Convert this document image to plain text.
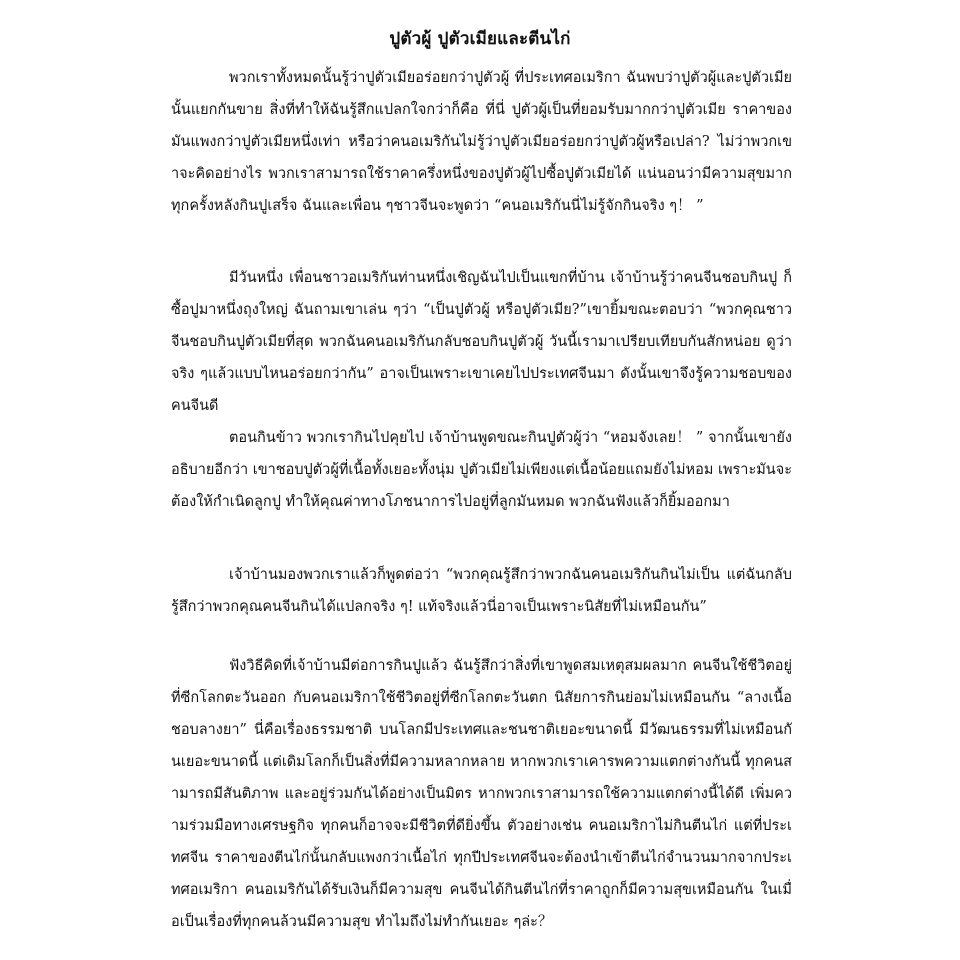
ปูตัวผู้ ปูตัวเมียและตีนไก่

พวกเราทั้งหมดนั้นรู้ว่าปูตัวเมียอร่อยกว่าปูตัวผู้ ที่ประเทศอเมริกา ฉันพบว่าปูตัวผู้และปูตัวเมียนั้นแยกกันขาย สิ่งที่ทำให้ฉันรู้สึกแปลกใจกว่าก็คือ ที่นี่ ปูตัวผู้เป็นที่ยอมรับมากกว่าปูตัวเมีย ราคาของมันแพงกว่าปูตัวเมียหนึ่งเท่า หรือว่าคนอเมริกันไม่รู้ว่าปูตัวเมียอร่อยกว่าปูตัวผู้หรือเปล่า? ไม่ว่าพวกเขาจะคิดอย่างไร พวกเราสามารถใช้ราคาครึ่งหนึ่งของปูตัวผู้ไปซื้อปูตัวเมียได้ แน่นอนว่ามีความสุขมาก ทุกครั้งหลังกินปูเสร็จ ฉันและเพื่อน ๆชาวจีนจะพูดว่า “คนอเมริกันนี่ไม่รู้จักกินจริง ๆ！ ”

มีวันหนึ่ง เพื่อนชาวอเมริกันท่านหนึ่งเชิญฉันไปเป็นแขกที่บ้าน เจ้าบ้านรู้ว่าคนจีนชอบกินปู ก็ซื้อปูมาหนึ่งถุงใหญ่ ฉันถามเขาเล่น ๆว่า “เป็นปูตัวผู้ หรือปูตัวเมีย?”เขายิ้มขณะตอบว่า “พวกคุณชาวจีนชอบกินปูตัวเมียที่สุด พวกฉันคนอเมริกันกลับชอบกินปูตัวผู้ วันนี้เรามาเปรียบเทียบกันสักหน่อย ดูว่าจริง ๆแล้วแบบไหนอร่อยกว่ากัน” อาจเป็นเพราะเขาเคยไปประเทศจีนมา ดังนั้นเขาจึงรู้ความชอบของคนจีนดี

ตอนกินข้าว พวกเรากินไปคุยไป เจ้าบ้านพูดขณะกินปูตัวผู้ว่า “หอมจังเลย！ ” จากนั้นเขายังอธิบายอีกว่า เขาชอบปูตัวผู้ที่เนื้อทั้งเยอะทั้งนุ่ม ปูตัวเมียไม่เพียงแต่เนื้อน้อยแถมยังไม่หอม เพราะมันจะต้องให้กำเนิดลูกปู ทำให้คุณค่าทางโภชนาการไปอยู่ที่ลูกมันหมด พวกฉันฟังแล้วก็ยิ้มออกมา

เจ้าบ้านมองพวกเราแล้วก็พูดต่อว่า “พวกคุณรู้สึกว่าพวกฉันคนอเมริกันกินไม่เป็น แต่ฉันกลับรู้สึกว่าพวกคุณคนจีนกินได้แปลกจริง ๆ! แท้จริงแล้วนี่อาจเป็นเพราะนิสัยที่ไม่เหมือนกัน”

ฟังวิธีคิดที่เจ้าบ้านมีต่อการกินปูแล้ว ฉันรู้สึกว่าสิ่งที่เขาพูดสมเหตุสมผลมาก คนจีนใช้ชีวิตอยู่ที่ซีกโลกตะวันออก กับคนอเมริกาใช้ชีวิตอยู่ที่ซีกโลกตะวันตก นิสัยการกินย่อมไม่เหมือนกัน “ลางเนื้อชอบลางยา” นี่คือเรื่องธรรมชาติ บนโลกมีประเทศและชนชาติเยอะขนาดนี้ มีวัฒนธรรมที่ไม่เหมือนกันเยอะขนาดนี้ แต่เดิมโลกก็เป็นสิ่งที่มีความหลากหลาย หากพวกเราเคารพความแตกต่างกันนี้ ทุกคนสามารถมีสันติภาพ และอยู่ร่วมกันได้อย่างเป็นมิตร หากพวกเราสามารถใช้ความแตกต่างนี้ได้ดี เพิ่มความร่วมมือทางเศรษฐกิจ ทุกคนก็อาจจะมีชีวิตที่ดียิ่งขึ้น ตัวอย่างเช่น คนอเมริกาไม่กินตีนไก่ แต่ที่ประเทศจีน ราคาของตีนไก่นั้นกลับแพงกว่าเนื้อไก่ ทุกปีประเทศจีนจะต้องนำเข้าตีนไก่จำนวนมากจากประเทศอเมริกา คนอเมริกันได้รับเงินก็มีความสุข คนจีนได้กินตีนไก่ที่ราคาถูกก็มีความสุขเหมือนกัน ในเมื่อเป็นเรื่องที่ทุกคนล้วนมีความสุข ทำไมถึงไม่ทำกันเยอะ ๆล่ะ？
